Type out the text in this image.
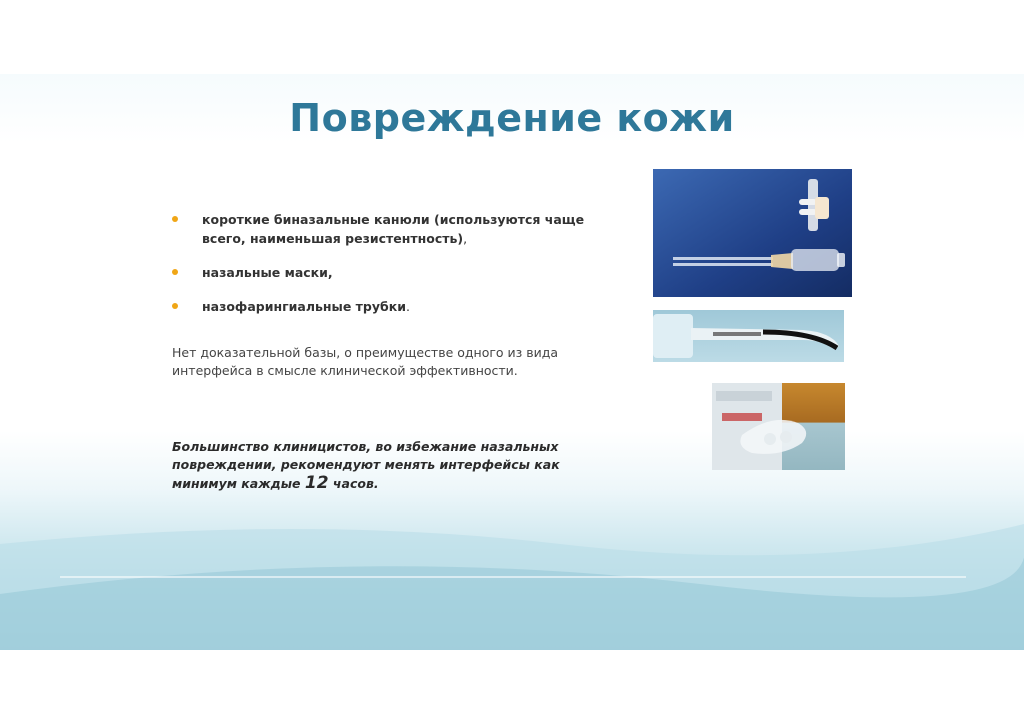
Повреждение кожи
короткие биназальные канюли (используются чаще всего, наименьшая резистентность),
назальные маски,
назофарингиальные трубки.
Нет доказательной базы, о преимуществе одного из вида интерфейса в смысле клинической эффективности.
Большинство клиницистов, во избежание назальных повреждении, рекомендуют менять интерфейсы как минимум каждые 12 часов.
